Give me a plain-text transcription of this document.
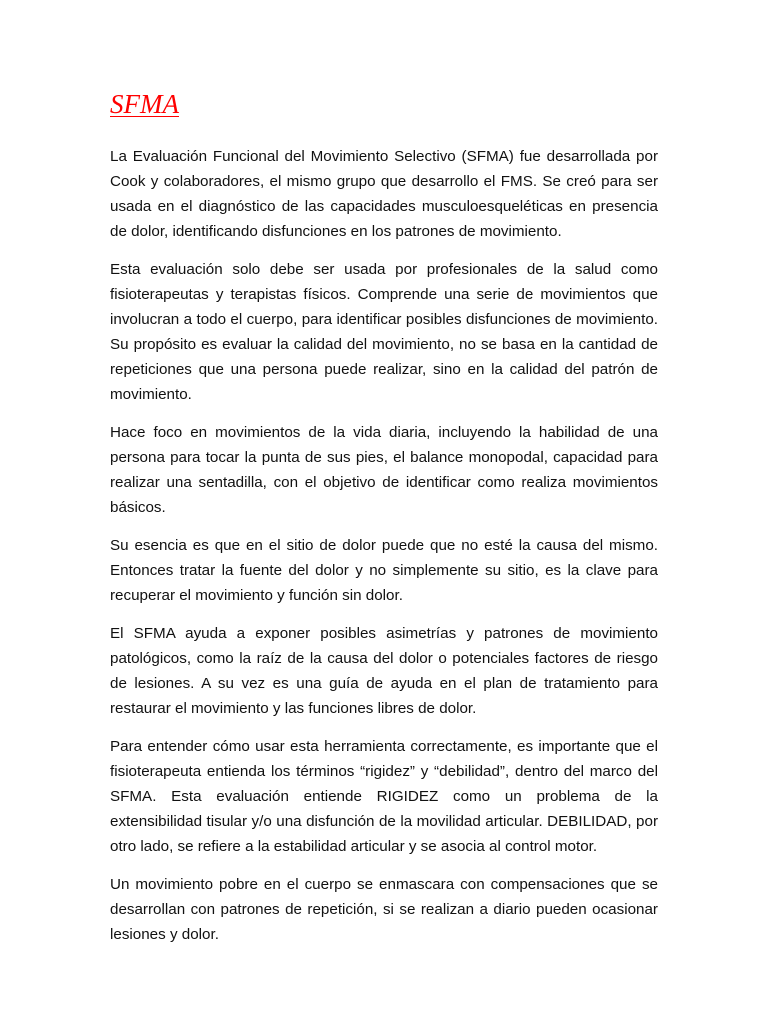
SFMA

La Evaluación Funcional del Movimiento Selectivo (SFMA) fue desarrollada por Cook y colaboradores, el mismo grupo que desarrollo el FMS. Se creó para ser usada en el diagnóstico de las capacidades musculoesqueléticas en presencia de dolor, identificando disfunciones en los patrones de movimiento.

Esta evaluación solo debe ser usada por profesionales de la salud como fisioterapeutas y terapistas físicos. Comprende una serie de movimientos que involucran a todo el cuerpo, para identificar posibles disfunciones de movimiento. Su propósito es evaluar la calidad del movimiento, no se basa en la cantidad de repeticiones que una persona puede realizar, sino en la calidad del patrón de movimiento.

Hace foco en movimientos de la vida diaria, incluyendo la habilidad de una persona para tocar la punta de sus pies, el balance monopodal, capacidad para realizar una sentadilla, con el objetivo de identificar como realiza movimientos básicos.

Su esencia es que en el sitio de dolor puede que no esté la causa del mismo. Entonces tratar la fuente del dolor y no simplemente su sitio, es la clave para recuperar el movimiento y función sin dolor.

El SFMA ayuda a exponer posibles asimetrías y patrones de movimiento patológicos, como la raíz de la causa del dolor o potenciales factores de riesgo de lesiones. A su vez es una guía de ayuda en el plan de tratamiento para restaurar el movimiento y las funciones libres de dolor.

Para entender cómo usar esta herramienta correctamente, es importante que el fisioterapeuta entienda los términos “rigidez” y “debilidad”, dentro del marco del SFMA. Esta evaluación entiende RIGIDEZ como un problema de la extensibilidad tisular y/o una disfunción de la movilidad articular. DEBILIDAD, por otro lado, se refiere a la estabilidad articular y se asocia al control motor.

Un movimiento pobre en el cuerpo se enmascara con compensaciones que se desarrollan con patrones de repetición, si se realizan a diario pueden ocasionar lesiones y dolor.
